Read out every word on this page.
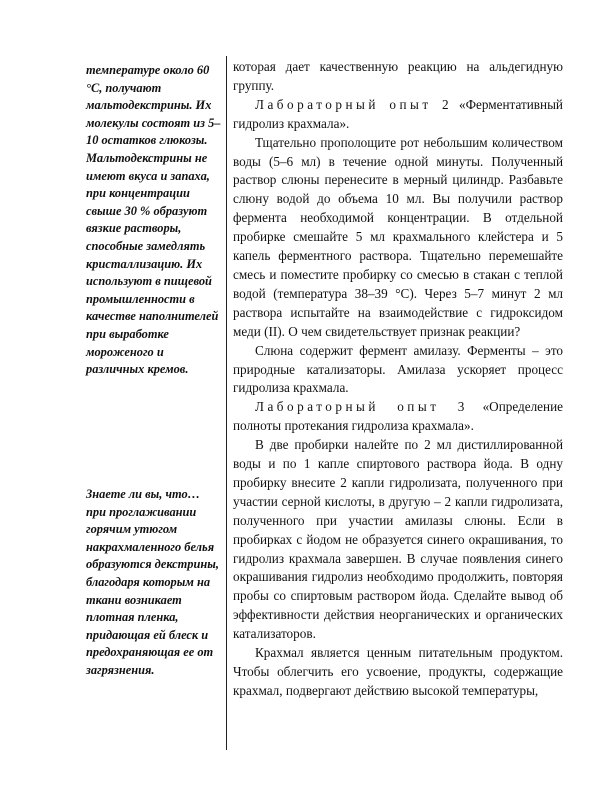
температуре около 60 °С, получают мальтодекстрины. Их молекулы состоят из 5–10 остатков глюкозы. Мальтодекстрины не имеют вкуса и запаха, при концентрации свыше 30 % образуют вязкие растворы, способные замедлять кристаллизацию. Их используют в пищевой промышленности в качестве наполнителей при выработке мороженого и различных кремов.

Знаете ли вы, что… при проглаживании горячим утюгом накрахмаленного белья образуются декстрины, благодаря которым на ткани возникает плотная пленка, придающая ей блеск и предохраняющая ее от загрязнения.

которая дает качественную реакцию на альдегидную группу.

Лабораторный опыт 2 «Ферментативный гидролиз крахмала».

Тщательно прополощите рот небольшим количеством воды (5–6 мл) в течение одной минуты. Полученный раствор слюны перенесите в мерный цилиндр. Разбавьте слюну водой до объема 10 мл. Вы получили раствор фермента необходимой концентрации. В отдельной пробирке смешайте 5 мл крахмального клейстера и 5 капель ферментного раствора. Тщательно перемешайте смесь и поместите пробирку со смесью в стакан с теплой водой (температура 38–39 °С). Через 5–7 минут 2 мл раствора испытайте на взаимодействие с гидроксидом меди (II). О чем свидетельствует признак реакции?

Слюна содержит фермент амилазу. Ферменты – это природные катализаторы. Амилаза ускоряет процесс гидролиза крахмала.

Лабораторный опыт 3 «Определение полноты протекания гидролиза крахмала».

В две пробирки налейте по 2 мл дистиллированной воды и по 1 капле спиртового раствора йода. В одну пробирку внесите 2 капли гидролизата, полученного при участии серной кислоты, в другую – 2 капли гидролизата, полученного при участии амилазы слюны. Если в пробирках с йодом не образуется синего окрашивания, то гидролиз крахмала завершен. В случае появления синего окрашивания гидролиз необходимо продолжить, повторяя пробы со спиртовым раствором йода. Сделайте вывод об эффективности действия неорганических и органических катализаторов.

Крахмал является ценным питательным продуктом. Чтобы облегчить его усвоение, продукты, содержащие крахмал, подвергают действию высокой температуры,
